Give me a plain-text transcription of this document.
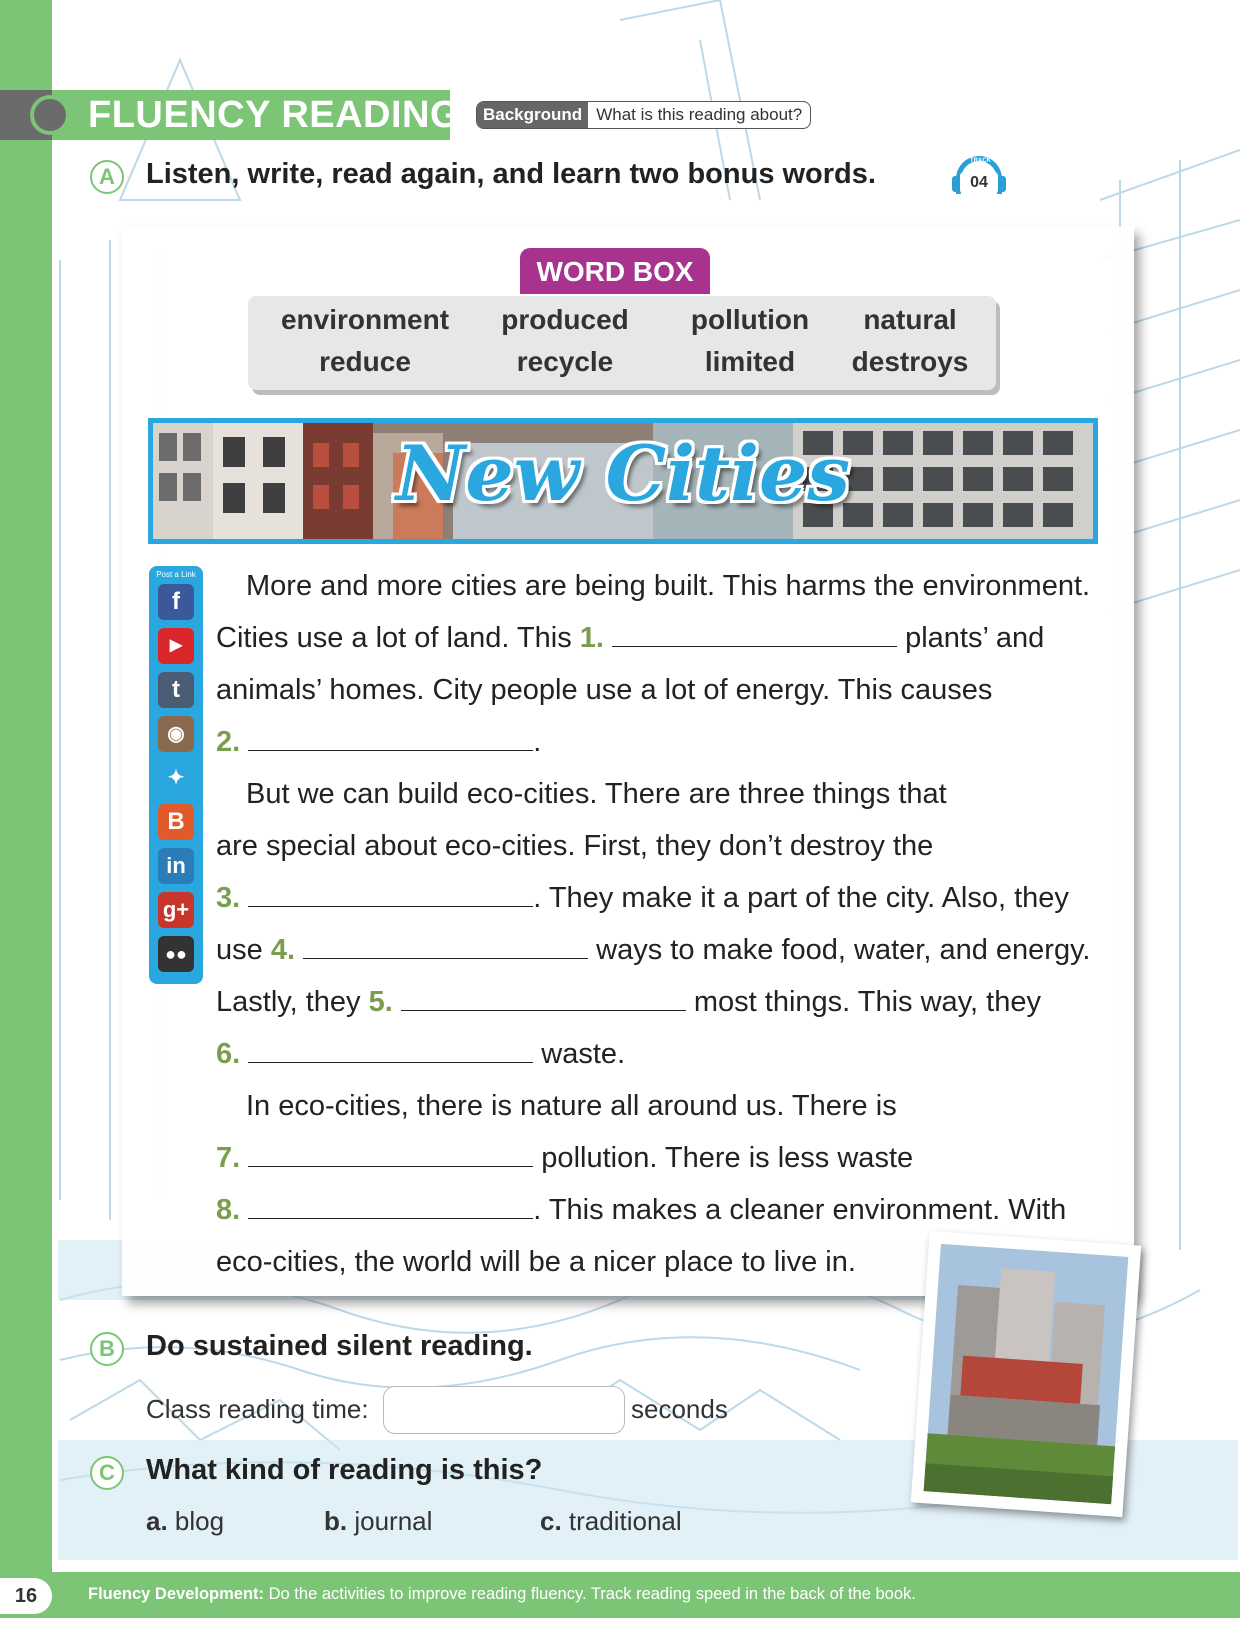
FLUENCY READING	Background What is this reading about?
A	Listen, write, read again, and learn two bonus words.	TRACK
04
WORD BOX
environment	produced	pollution	natural
reduce	recycle	limited	destroys
New Cities
Post a Link
f
▶
t
◉
✦
B
in
g+
●●
More and more cities are being built. This harms the environment.
Cities use a lot of land. This 1.	plants’ and
animals’ homes. City people use a lot of energy. This causes
2.	.
But we can build eco-cities. There are three things that
are special about eco-cities. First, they don’t destroy the
3.	. They make it a part of the city. Also, they
use 4.	ways to make food, water, and energy.
Lastly, they 5.	most things. This way, they
6.	waste.
In eco-cities, there is nature all around us. There is
7.	pollution. There is less waste
8.	. This makes a cleaner environment. With
eco-cities, the world will be a nicer place to live in.
B	Do sustained silent reading.
Class reading time:	seconds
C	What kind of reading is this?
a. blog	b. journal	c. traditional
16	Fluency Development: Do the activities to improve reading fluency. Track reading speed in the back of the book.
